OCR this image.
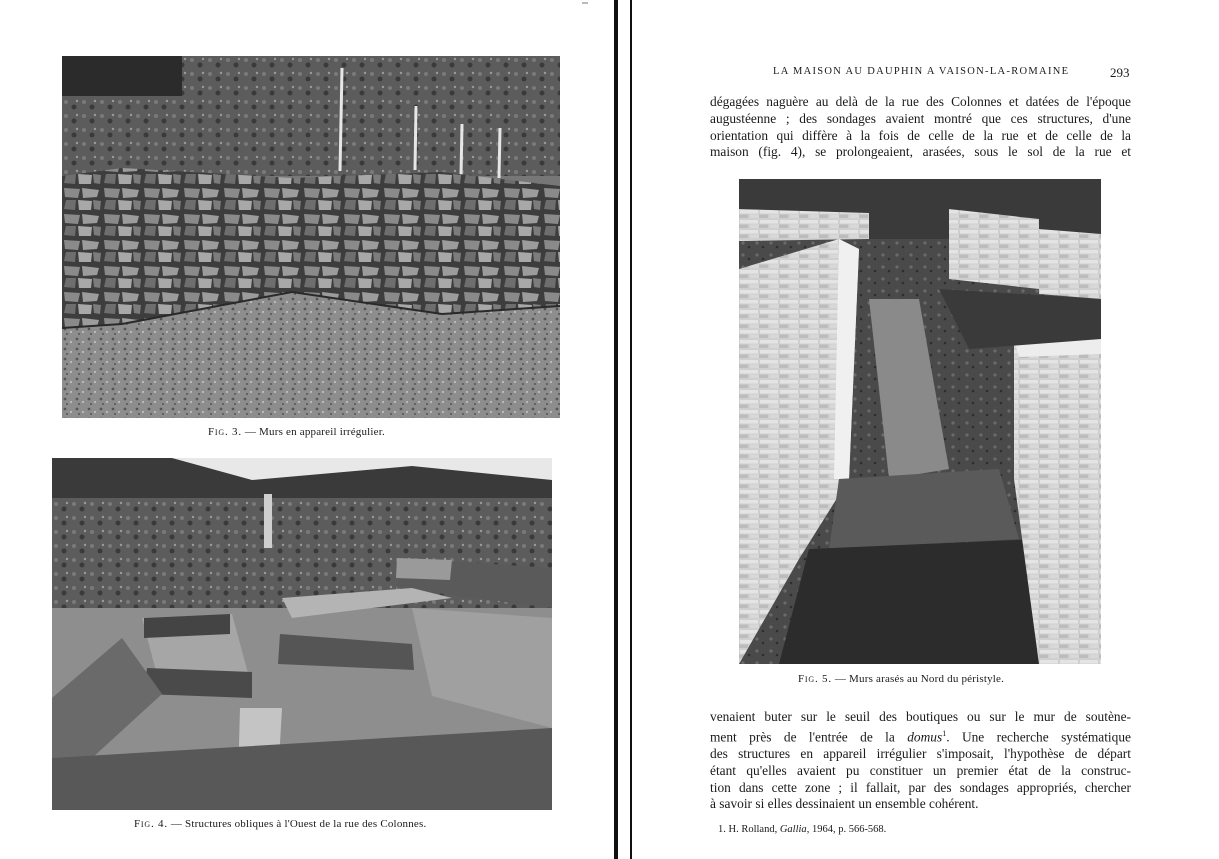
Fig. 3. — Murs en appareil irrégulier.
Fig. 4. — Structures obliques à l'Ouest de la rue des Colonnes.
LA MAISON AU DAUPHIN A VAISON-LA-ROMAINE	293
dégagées naguère au delà de la rue des Colonnes et datées de l'époque
augustéenne ; des sondages avaient montré que ces structures, d'une
orientation qui diffère à la fois de celle de la rue et de celle de la
maison (fig. 4), se prolongeaient, arasées, sous le sol de la rue et
Fig. 5. — Murs arasés au Nord du péristyle.
venaient buter sur le seuil des boutiques ou sur le mur de soutène-
ment près de l'entrée de la domus$^1$. Une recherche systématique
des structures en appareil irrégulier s'imposait, l'hypothèse de départ
étant qu'elles avaient pu constituer un premier état de la construc-
tion dans cette zone ; il fallait, par des sondages appropriés, chercher
à savoir si elles dessinaient un ensemble cohérent.
1. H. Rolland, Gallia, 1964, p. 566-568.
